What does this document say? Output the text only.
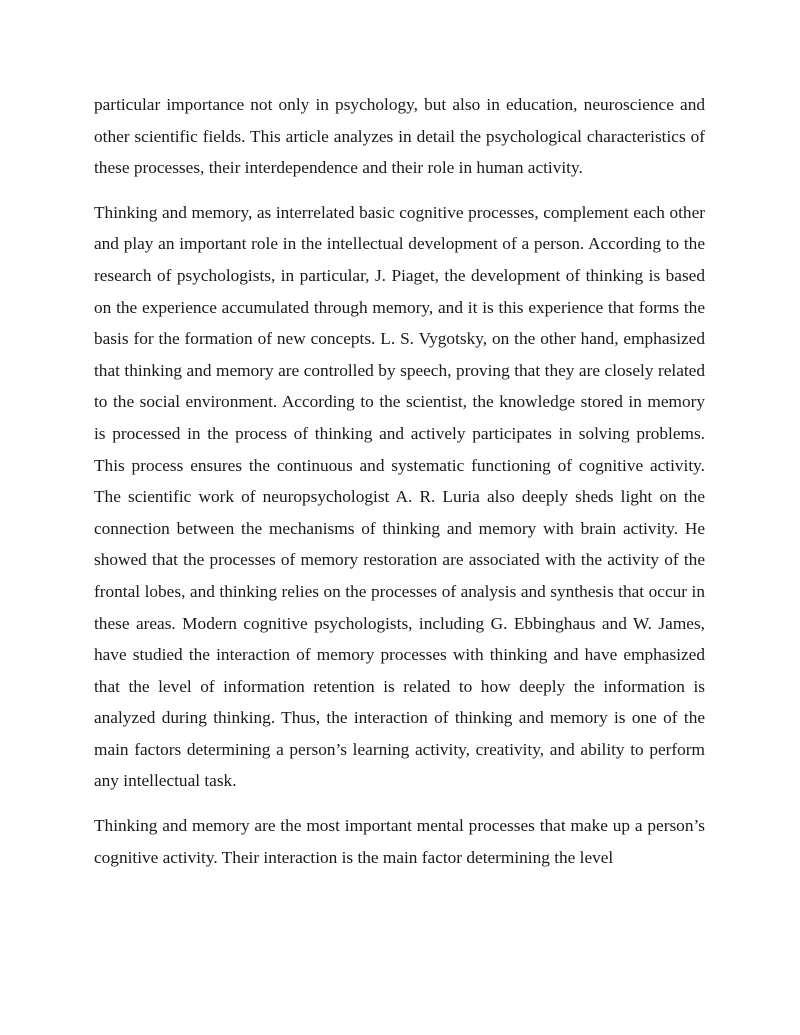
particular importance not only in psychology, but also in education, neuroscience and other scientific fields. This article analyzes in detail the psychological characteristics of these processes, their interdependence and their role in human activity.

Thinking and memory, as interrelated basic cognitive processes, complement each other and play an important role in the intellectual development of a person. According to the research of psychologists, in particular, J. Piaget, the development of thinking is based on the experience accumulated through memory, and it is this experience that forms the basis for the formation of new concepts. L. S. Vygotsky, on the other hand, emphasized that thinking and memory are controlled by speech, proving that they are closely related to the social environment. According to the scientist, the knowledge stored in memory is processed in the process of thinking and actively participates in solving problems. This process ensures the continuous and systematic functioning of cognitive activity. The scientific work of neuropsychologist A. R. Luria also deeply sheds light on the connection between the mechanisms of thinking and memory with brain activity. He showed that the processes of memory restoration are associated with the activity of the frontal lobes, and thinking relies on the processes of analysis and synthesis that occur in these areas. Modern cognitive psychologists, including G. Ebbinghaus and W. James, have studied the interaction of memory processes with thinking and have emphasized that the level of information retention is related to how deeply the information is analyzed during thinking. Thus, the interaction of thinking and memory is one of the main factors determining a person’s learning activity, creativity, and ability to perform any intellectual task.

Thinking and memory are the most important mental processes that make up a person’s cognitive activity. Their interaction is the main factor determining the level
